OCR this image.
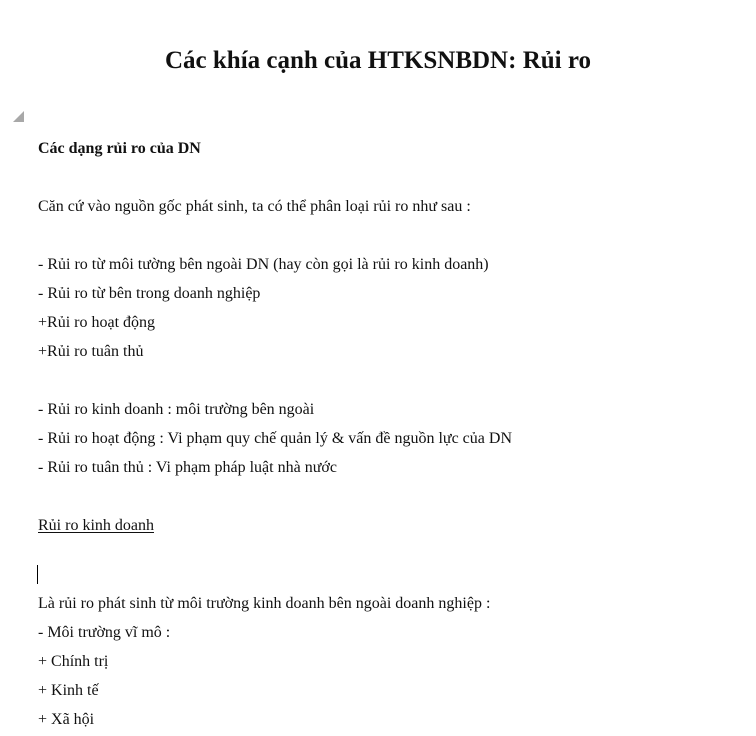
Các khía cạnh của HTKSNBDN: Rủi ro
Các dạng rủi ro của DN
Căn cứ vào nguồn gốc phát sinh, ta có thể phân loại rủi ro như sau :
- Rủi ro từ môi tường bên ngoài DN (hay còn gọi là rủi ro kinh doanh)
- Rủi ro từ bên trong doanh nghiệp
+Rủi ro hoạt động
+Rủi ro tuân thủ
- Rủi ro kinh doanh : môi trường bên ngoài
- Rủi ro hoạt động : Vi phạm quy chế quản lý & vấn đề nguồn lực của DN
- Rủi ro tuân thủ : Vi phạm pháp luật nhà nước
Rủi ro kinh doanh
Là rủi ro phát sinh từ môi trường kinh doanh bên ngoài doanh nghiệp :
- Môi trường vĩ mô :
+ Chính trị
+ Kinh tế
+ Xã hội
